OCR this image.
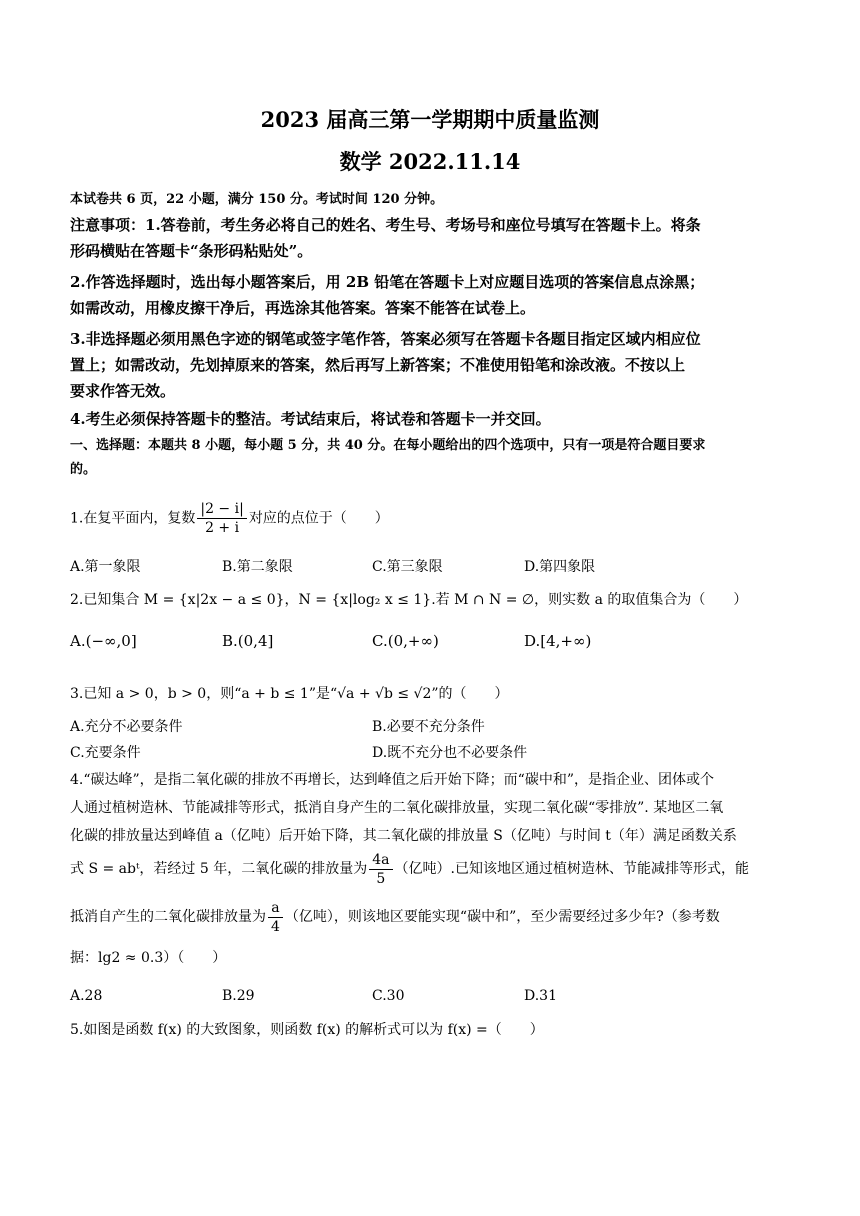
2023 届高三第一学期期中质量监测
数学 2022.11.14
本试卷共 6 页，22 小题，满分 150 分。考试时间 120 分钟。
注意事项：1.答卷前，考生务必将自己的姓名、考生号、考场号和座位号填写在答题卡上。将条
形码横贴在答题卡“条形码粘贴处”。
2.作答选择题时，选出每小题答案后，用 2B 铅笔在答题卡上对应题目选项的答案信息点涂黑；
如需改动，用橡皮擦干净后，再选涂其他答案。答案不能答在试卷上。
3.非选择题必须用黑色字迹的钢笔或签字笔作答，答案必须写在答题卡各题目指定区域内相应位
置上；如需改动，先划掉原来的答案，然后再写上新答案；不准使用铅笔和涂改液。不按以上
要求作答无效。
4.考生必须保持答题卡的整洁。考试结束后，将试卷和答题卡一并交回。
一、选择题：本题共 8 小题，每小题 5 分，共 40 分。在每小题给出的四个选项中，只有一项是符合题目要求
的。
1.在复平面内，复数 $\frac{|2 - i|}{2 + i}$ 对应的点位于（　　）
A.第一象限	B.第二象限	C.第三象限	D.第四象限
2.已知集合 M = {x|2x − a ≤ 0}，N = {x|log₂ x ≤ 1}.若 M ∩ N = ∅，则实数 a 的取值集合为（　　）
A.(−∞,0]	B.(0,4]	C.(0,+∞)	D.[4,+∞)
3.已知 a > 0，b > 0，则“a + b ≤ 1”是“√a + √b ≤ √2”的（　　）
A.充分不必要条件	B.必要不充分条件
C.充要条件	D.既不充分也不必要条件
4.“碳达峰”，是指二氧化碳的排放不再增长，达到峰值之后开始下降；而“碳中和”，是指企业、团体或个
人通过植树造林、节能减排等形式，抵消自身产生的二氧化碳排放量，实现二氧化碳“零排放”. 某地区二氧
化碳的排放量达到峰值 a（亿吨）后开始下降，其二氧化碳的排放量 S（亿吨）与时间 t（年）满足函数关系
式 S = abᵗ，若经过 5 年，二氧化碳的排放量为 $\frac{4a}{5}$ （亿吨）.已知该地区通过植树造林、节能减排等形式，能
抵消自产生的二氧化碳排放量为 $\frac{a}{4}$ （亿吨），则该地区要能实现“碳中和”，至少需要经过多少年?（参考数
据：lg2 ≈ 0.3）（　　）
A.28	B.29	C.30	D.31
5.如图是函数 f(x) 的大致图象，则函数 f(x) 的解析式可以为 f(x) =（　　）
